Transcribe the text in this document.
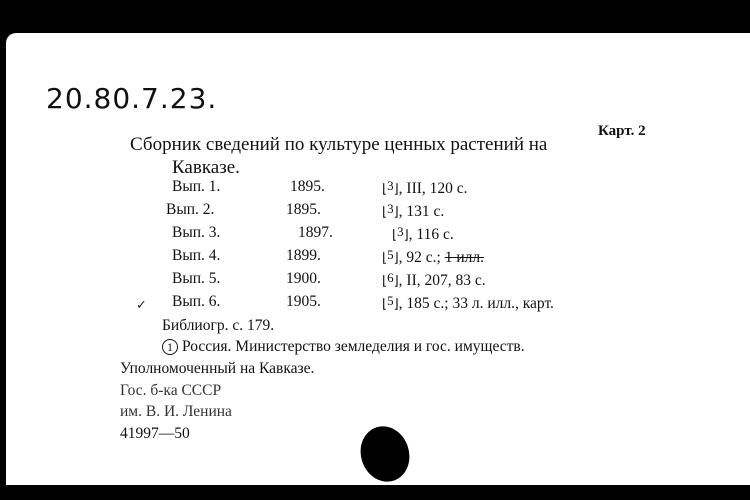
20.80.7.23.
Карт. 2
Сборник сведений по культуре ценных растений на
Кавказе.
Вып. 1.	1895.	⌊3⌋, III, 120 с.
Вып. 2.	1895.	⌊3⌋, 131 с.
Вып. 3.	1897.	⌊3⌋, 116 с.
Вып. 4.	1899.	⌊5⌋, 92 с.; 1 илл.
Вып. 5.	1900.	⌊6⌋, II, 207, 83 с.
Вып. 6.	1905.	⌊5⌋, 185 с.; 33 л. илл., карт.
✓
Библиогр. с. 179.
1 Россия. Министерство земледелия и гос. имуществ.
Уполномоченный на Кавказе.
Гос. б-ка СССР
им. В. И. Ленина
41997—50
